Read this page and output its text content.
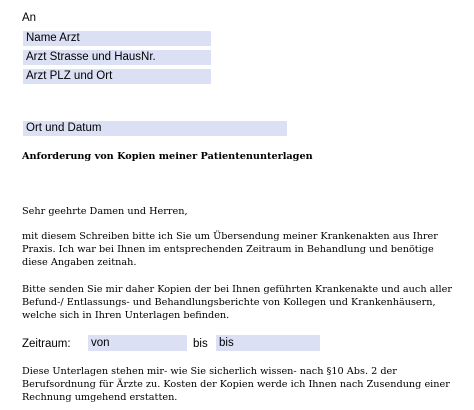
An
Name Arzt
Arzt Strasse und HausNr.
Arzt PLZ und Ort
Ort und Datum
Anforderung von Kopien meiner Patientenunterlagen
Sehr geehrte Damen und Herren,
mit diesem Schreiben bitte ich Sie um Übersendung meiner Krankenakten aus Ihrer
Praxis. Ich war bei Ihnen im entsprechenden Zeitraum in Behandlung und benötige
diese Angaben zeitnah.
Bitte senden Sie mir daher Kopien der bei Ihnen geführten Krankenakte und auch aller
Befund-/ Entlassungs- und Behandlungsberichte von Kollegen und Krankenhäusern,
welche sich in Ihren Unterlagen befinden.
Zeitraum: von	bis bis
Diese Unterlagen stehen mir- wie Sie sicherlich wissen- nach §10 Abs. 2 der
Berufsordnung für Ärzte zu. Kosten der Kopien werde ich Ihnen nach Zusendung einer
Rechnung umgehend erstatten.
